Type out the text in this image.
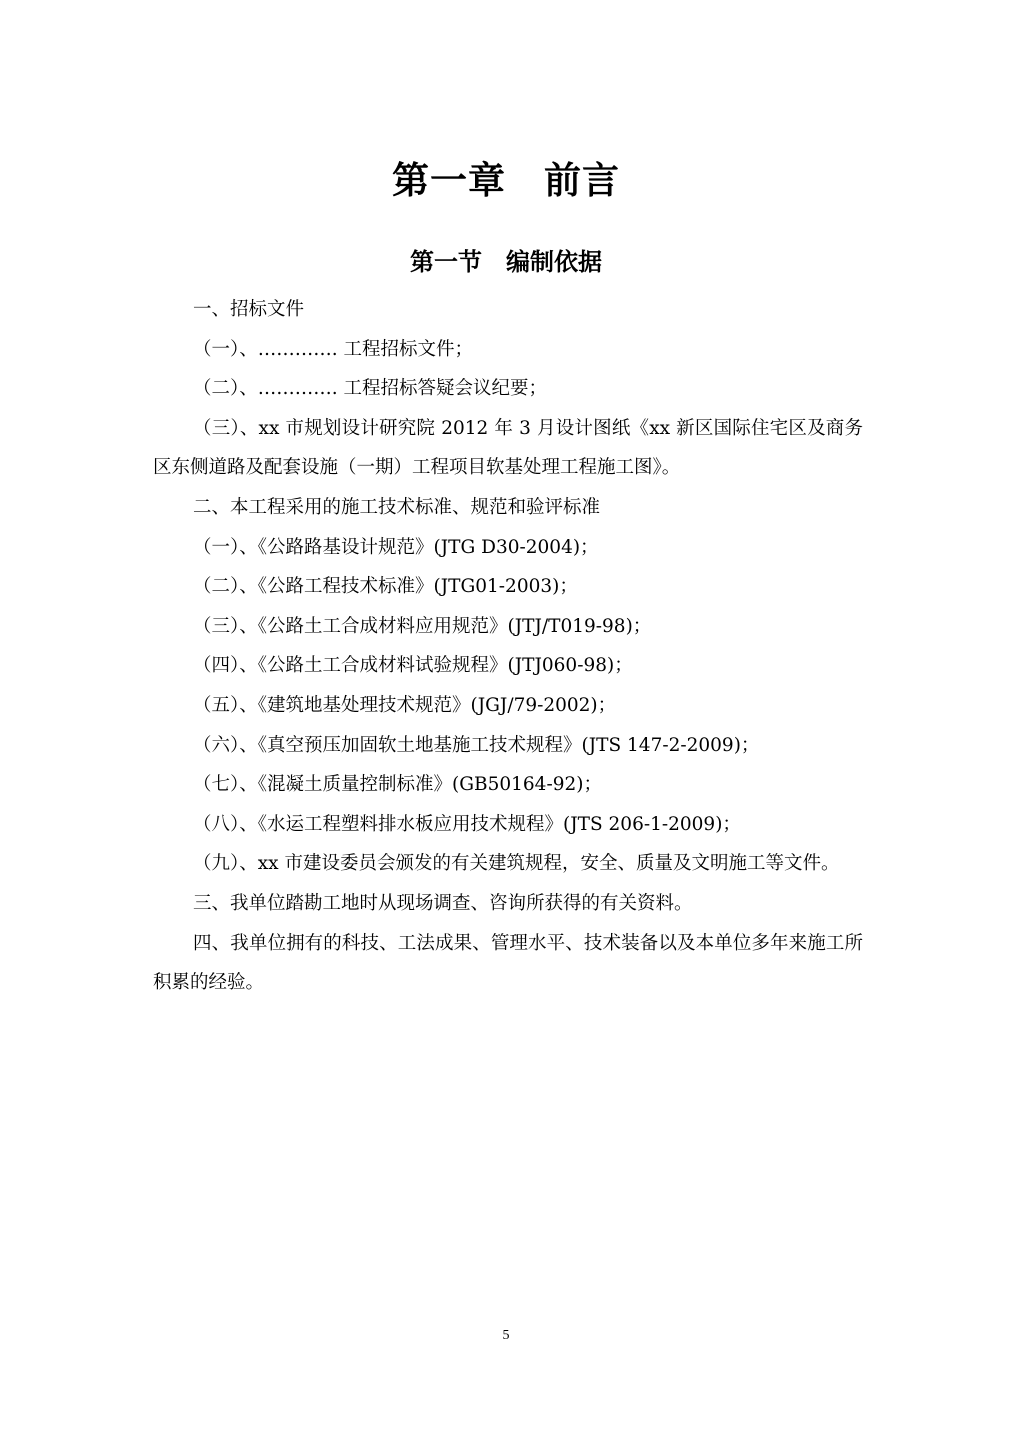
第一章　前言
第一节　编制依据

一、招标文件

（一）、…………. 工程招标文件；

（二）、…………. 工程招标答疑会议纪要；

（三）、xx 市规划设计研究院 2012 年 3 月设计图纸《xx 新区国际住宅区及商务区东侧道路及配套设施（一期）工程项目软基处理工程施工图》。

二、本工程采用的施工技术标准、规范和验评标准

（一）、《公路路基设计规范》(JTG D30-2004)；

（二）、《公路工程技术标准》(JTG01-2003)；

（三）、《公路土工合成材料应用规范》(JTJ/T019-98)；

（四）、《公路土工合成材料试验规程》(JTJ060-98)；

（五）、《建筑地基处理技术规范》(JGJ/79-2002)；

（六）、《真空预压加固软土地基施工技术规程》(JTS 147-2-2009)；

（七）、《混凝土质量控制标准》(GB50164-92)；

（八）、《水运工程塑料排水板应用技术规程》(JTS 206-1-2009)；

（九）、xx 市建设委员会颁发的有关建筑规程，安全、质量及文明施工等文件。

三、我单位踏勘工地时从现场调查、咨询所获得的有关资料。

四、我单位拥有的科技、工法成果、管理水平、技术装备以及本单位多年来施工所积累的经验。

5
